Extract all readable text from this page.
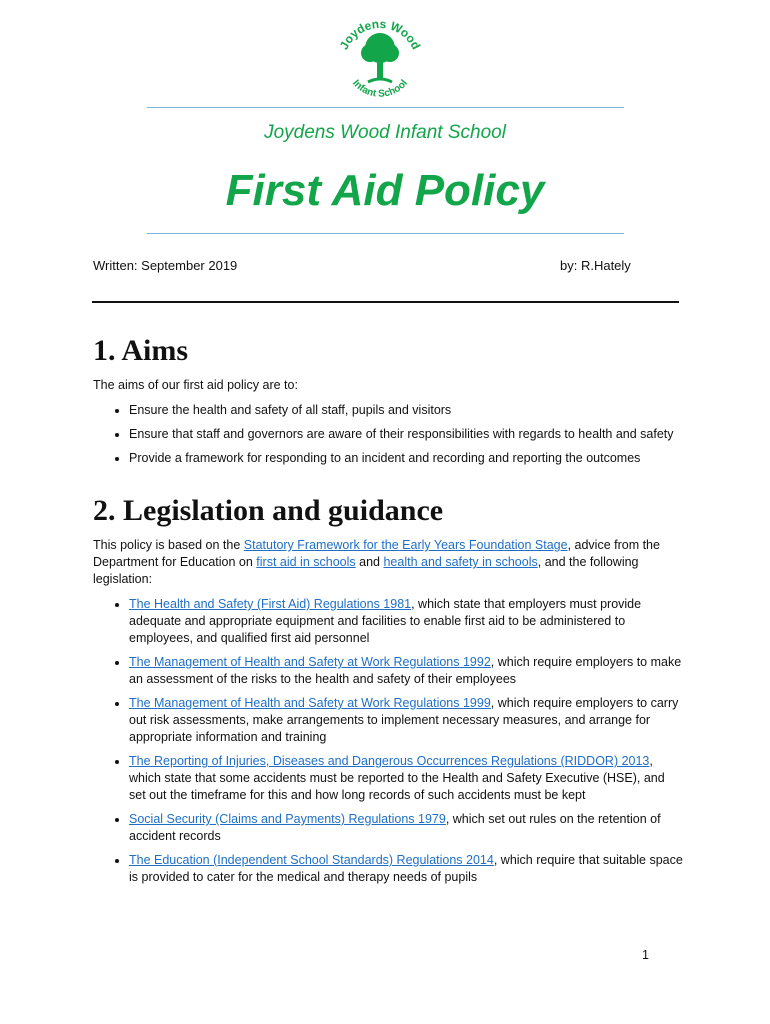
Joydens Wood
Infant School
Joydens Wood Infant School
First Aid Policy
Written: September 2019	by: R.Hately
1. Aims

The aims of our first aid policy are to:

• Ensure the health and safety of all staff, pupils and visitors
• Ensure that staff and governors are aware of their responsibilities with regards to health and safety
• Provide a framework for responding to an incident and recording and reporting the outcomes
2. Legislation and guidance

This policy is based on the Statutory Framework for the Early Years Foundation Stage, advice from the Department for Education on first aid in schools and health and safety in schools, and the following legislation:

• The Health and Safety (First Aid) Regulations 1981, which state that employers must provide adequate and appropriate equipment and facilities to enable first aid to be administered to employees, and qualified first aid personnel
• The Management of Health and Safety at Work Regulations 1992, which require employers to make an assessment of the risks to the health and safety of their employees
• The Management of Health and Safety at Work Regulations 1999, which require employers to carry out risk assessments, make arrangements to implement necessary measures, and arrange for appropriate information and training
• The Reporting of Injuries, Diseases and Dangerous Occurrences Regulations (RIDDOR) 2013, which state that some accidents must be reported to the Health and Safety Executive (HSE), and set out the timeframe for this and how long records of such accidents must be kept
• Social Security (Claims and Payments) Regulations 1979, which set out rules on the retention of accident records
• The Education (Independent School Standards) Regulations 2014, which require that suitable space is provided to cater for the medical and therapy needs of pupils
1
